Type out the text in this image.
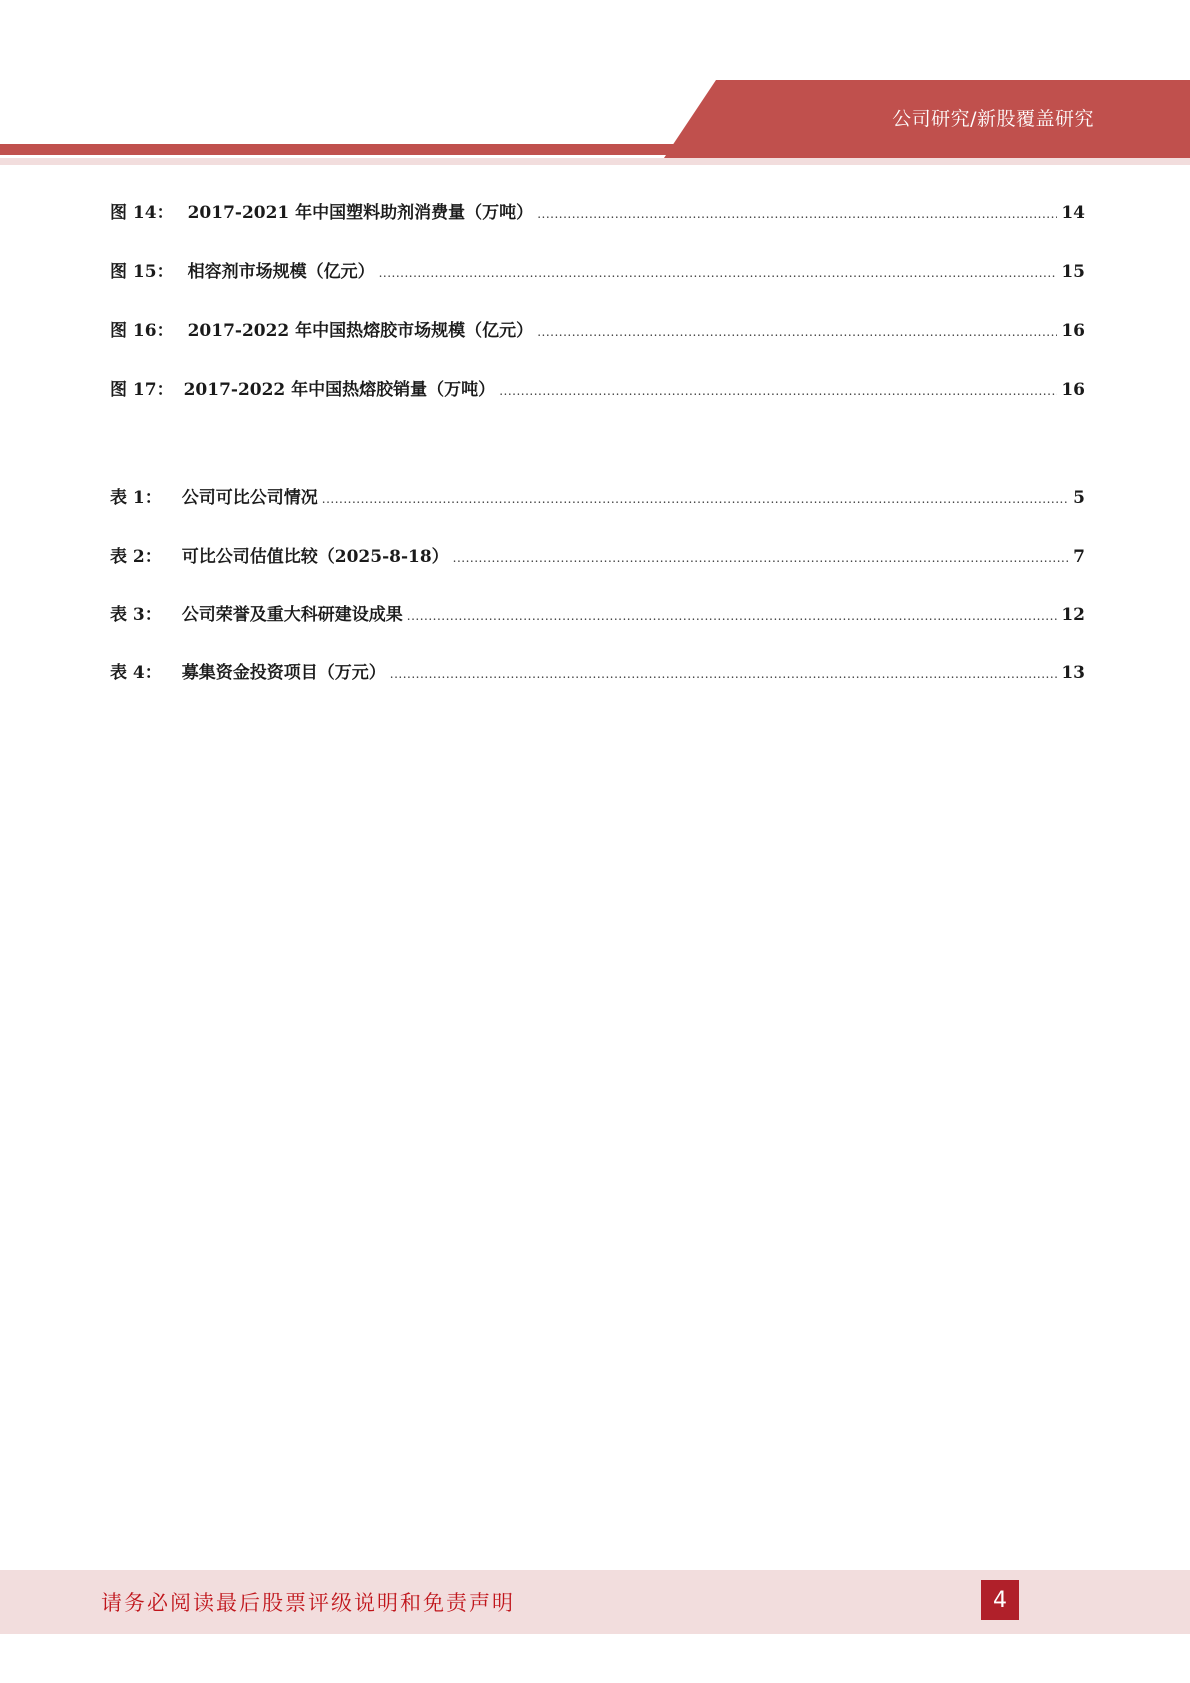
公司研究/新股覆盖研究
图 14： 2017-2021 年中国塑料助剂消费量（万吨） .....	14
图 15： 相容剂市场规模（亿元） .....	15
图 16： 2017-2022 年中国热熔胶市场规模（亿元） .....	16
图 17： 2017-2022 年中国热熔胶销量（万吨） .....	16
表 1： 公司可比公司情况 .....	5
表 2： 可比公司估值比较（2025-8-18） .....	7
表 3： 公司荣誉及重大科研建设成果 .....	12
表 4： 募集资金投资项目（万元） .....	13
请务必阅读最后股票评级说明和免责声明	4
